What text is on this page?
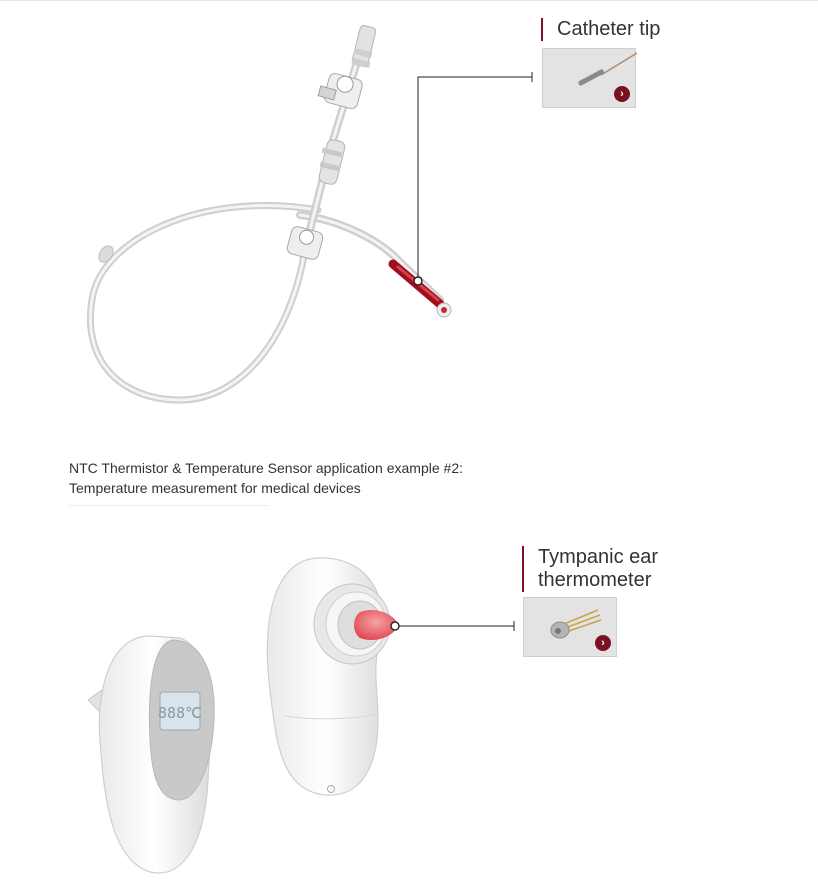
888℃
Catheter tip
›
NTC Thermistor & Temperature Sensor application example #2:
Temperature measurement for medical devices
Tympanic ear
thermometer
›
